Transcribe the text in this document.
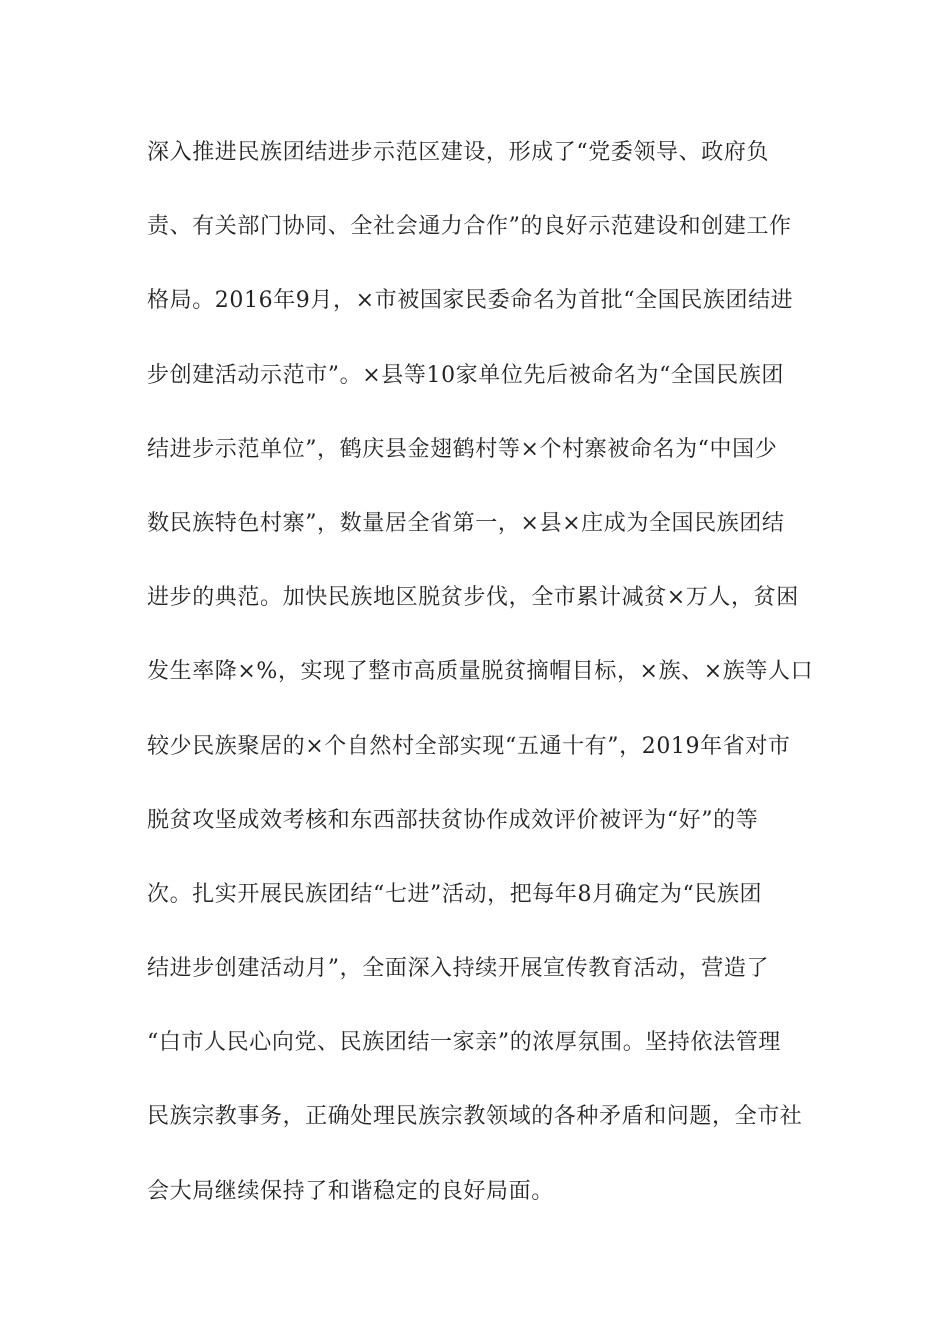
深入推进民族团结进步示范区建设，形成了“党委领导、政府负
责、有关部门协同、全社会通力合作”的良好示范建设和创建工作
格局。2016年9月，×市被国家民委命名为首批“全国民族团结进
步创建活动示范市”。×县等10家单位先后被命名为“全国民族团
结进步示范单位”，鹤庆县金翅鹤村等×个村寨被命名为“中国少
数民族特色村寨”，数量居全省第一，×县×庄成为全国民族团结
进步的典范。加快民族地区脱贫步伐，全市累计减贫×万人，贫困
发生率降×%，实现了整市高质量脱贫摘帽目标，×族、×族等人口
较少民族聚居的×个自然村全部实现“五通十有”，2019年省对市
脱贫攻坚成效考核和东西部扶贫协作成效评价被评为“好”的等
次。扎实开展民族团结“七进”活动，把每年8月确定为“民族团
结进步创建活动月”，全面深入持续开展宣传教育活动，营造了
“白市人民心向党、民族团结一家亲”的浓厚氛围。坚持依法管理
民族宗教事务，正确处理民族宗教领域的各种矛盾和问题，全市社
会大局继续保持了和谐稳定的良好局面。
